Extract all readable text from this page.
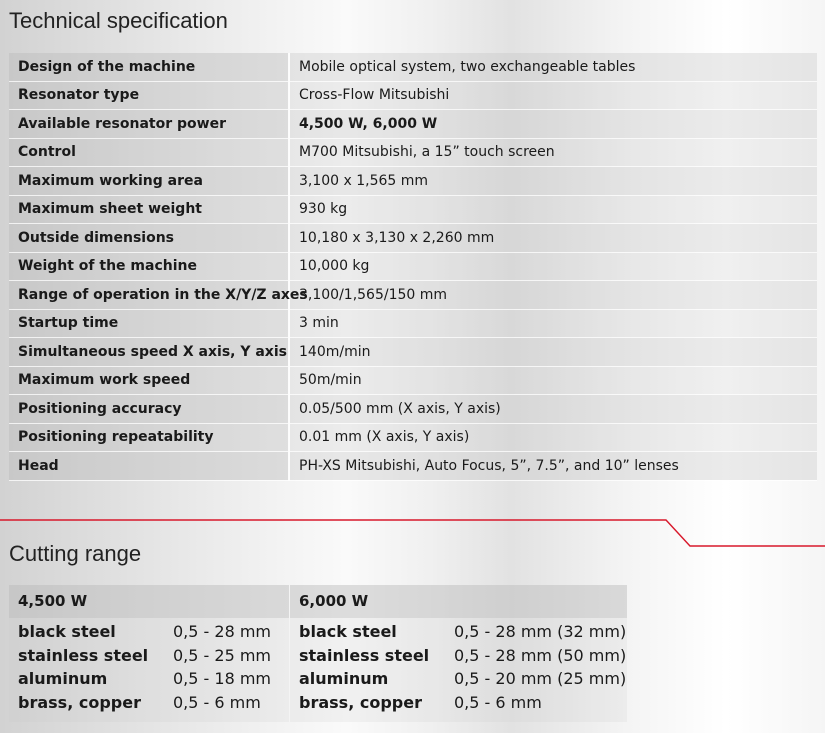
Technical specification
Design of the machine	Mobile optical system, two exchangeable tables
Resonator type	Cross-Flow Mitsubishi
Available resonator power	4,500 W, 6,000 W
Control	M700 Mitsubishi, a 15” touch screen
Maximum working area	3,100 x 1,565 mm
Maximum sheet weight	930 kg
Outside dimensions	10,180 x 3,130 x 2,260 mm
Weight of the machine	10,000 kg
Range of operation in the X/Y/Z axes	3,100/1,565/150 mm
Startup time	3 min
Simultaneous speed X axis, Y axis	140m/min
Maximum work speed	50m/min
Positioning accuracy	0.05/500 mm (X axis, Y axis)
Positioning repeatability	0.01 mm (X axis, Y axis)
Head	PH-XS Mitsubishi, Auto Focus, 5”, 7.5”, and 10” lenses
Cutting range
4,500 W
black steel	0,5 - 28 mm
stainless steel 0,5 - 25 mm
aluminum	0,5 - 18 mm
brass, copper 0,5 - 6 mm
6,000 W
black steel	0,5 - 28 mm (32 mm)
stainless steel 0,5 - 28 mm (50 mm)
aluminum	0,5 - 20 mm (25 mm)
brass, copper 0,5 - 6 mm
